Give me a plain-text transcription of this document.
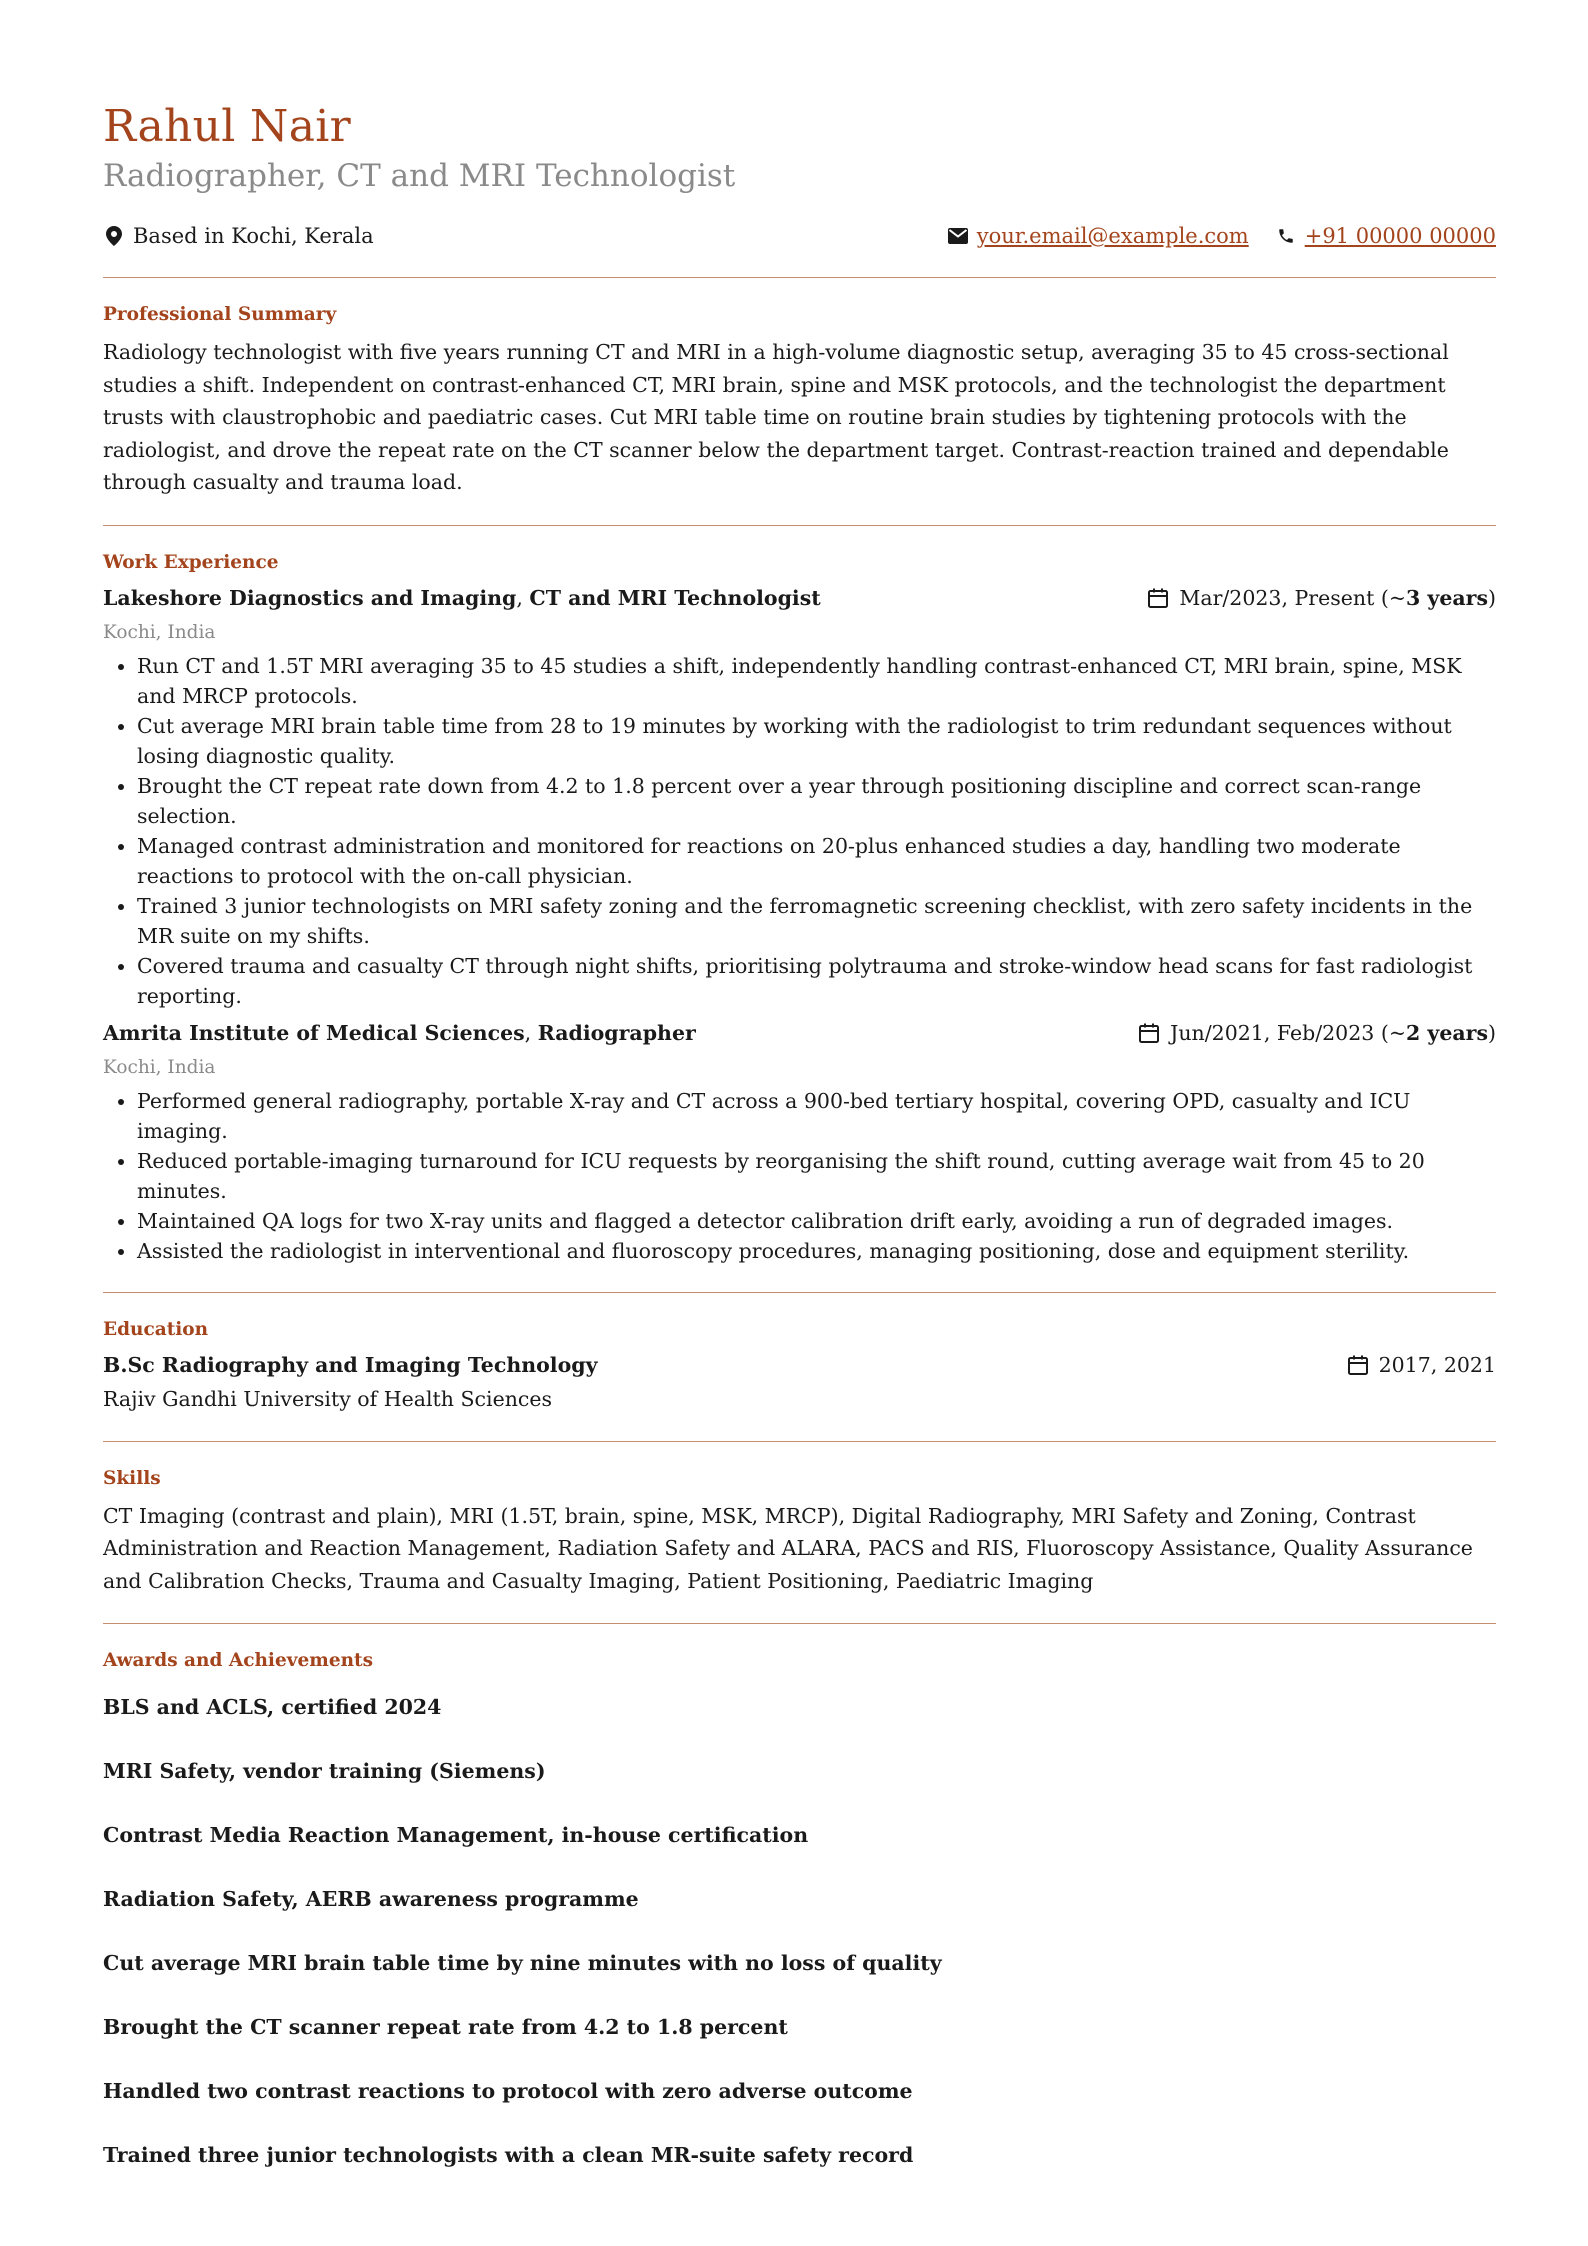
Rahul Nair
Radiographer, CT and MRI Technologist
Based in Kochi, Kerala	your.email@example.com	+91 00000 00000
Professional Summary
Radiology technologist with five years running CT and MRI in a high-volume diagnostic setup, averaging 35 to 45 cross-sectional studies a shift. Independent on contrast-enhanced CT, MRI brain, spine and MSK protocols, and the technologist the department trusts with claustrophobic and paediatric cases. Cut MRI table time on routine brain studies by tightening protocols with the radiologist, and drove the repeat rate on the CT scanner below the department target. Contrast-reaction trained and dependable through casualty and trauma load.
Work Experience
Lakeshore Diagnostics and Imaging, CT and MRI Technologist	Mar/2023, Present (~ 3 years )
Kochi, India
• Run CT and 1.5T MRI averaging 35 to 45 studies a shift, independently handling contrast-enhanced CT, MRI brain, spine, MSK and MRCP protocols.
• Cut average MRI brain table time from 28 to 19 minutes by working with the radiologist to trim redundant sequences without losing diagnostic quality.
• Brought the CT repeat rate down from 4.2 to 1.8 percent over a year through positioning discipline and correct scan-range selection.
• Managed contrast administration and monitored for reactions on 20-plus enhanced studies a day, handling two moderate reactions to protocol with the on-call physician.
• Trained 3 junior technologists on MRI safety zoning and the ferromagnetic screening checklist, with zero safety incidents in the MR suite on my shifts.
• Covered trauma and casualty CT through night shifts, prioritising polytrauma and stroke-window head scans for fast radiologist reporting.
Amrita Institute of Medical Sciences, Radiographer	Jun/2021, Feb/2023 (~ 2 years )
Kochi, India
• Performed general radiography, portable X-ray and CT across a 900-bed tertiary hospital, covering OPD, casualty and ICU imaging.
• Reduced portable-imaging turnaround for ICU requests by reorganising the shift round, cutting average wait from 45 to 20 minutes.
• Maintained QA logs for two X-ray units and flagged a detector calibration drift early, avoiding a run of degraded images.
• Assisted the radiologist in interventional and fluoroscopy procedures, managing positioning, dose and equipment sterility.
Education
B.Sc Radiography and Imaging Technology	2017, 2021
Rajiv Gandhi University of Health Sciences
Skills
CT Imaging (contrast and plain), MRI (1.5T, brain, spine, MSK, MRCP), Digital Radiography, MRI Safety and Zoning, Contrast Administration and Reaction Management, Radiation Safety and ALARA, PACS and RIS, Fluoroscopy Assistance, Quality Assurance and Calibration Checks, Trauma and Casualty Imaging, Patient Positioning, Paediatric Imaging
Awards and Achievements
BLS and ACLS, certified 2024
MRI Safety, vendor training (Siemens)
Contrast Media Reaction Management, in-house certification
Radiation Safety, AERB awareness programme
Cut average MRI brain table time by nine minutes with no loss of quality
Brought the CT scanner repeat rate from 4.2 to 1.8 percent
Handled two contrast reactions to protocol with zero adverse outcome
Trained three junior technologists with a clean MR-suite safety record
